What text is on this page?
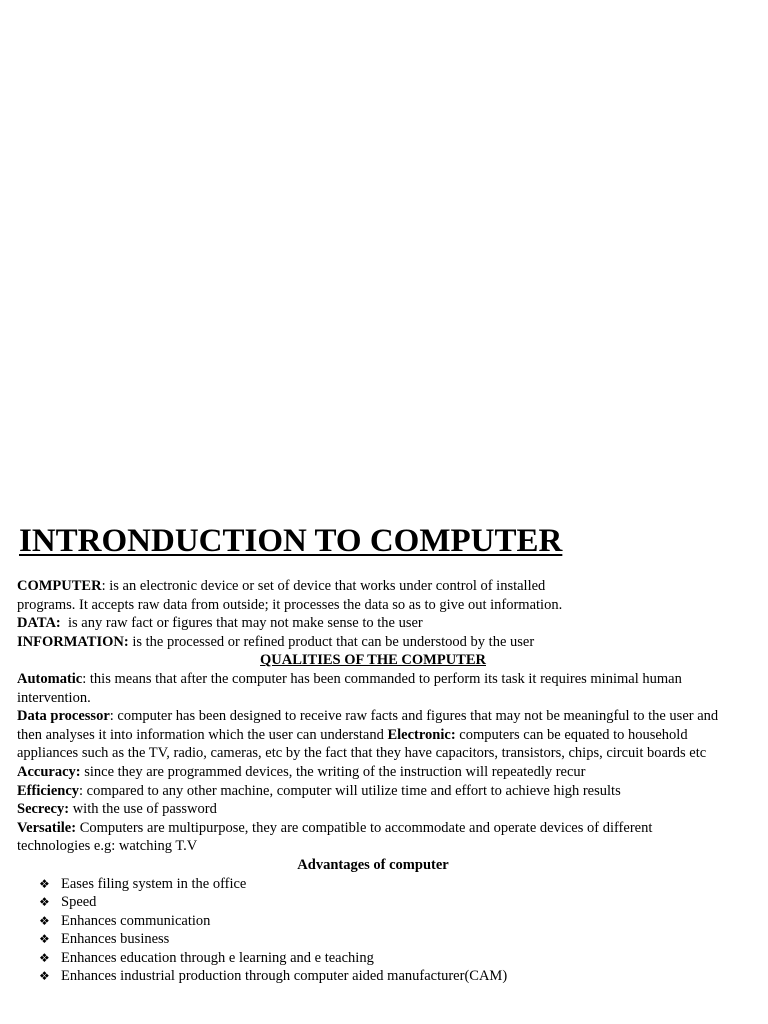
INTRONDUCTION TO COMPUTER

COMPUTER: is an electronic device or set of device that works under control of installed programs. It accepts raw data from outside; it processes the data so as to give out information.

DATA:  is any raw fact or figures that may not make sense to the user

INFORMATION: is the processed or refined product that can be understood by the user

QUALITIES OF THE COMPUTER

Automatic: this means that after the computer has been commanded to perform its task it requires minimal human intervention.

Data processor: computer has been designed to receive raw facts and figures that may not be meaningful to the user and then analyses it into information which the user can understand Electronic: computers can be equated to household appliances such as the TV, radio, cameras, etc by the fact that they have capacitors, transistors, chips, circuit boards etc

Accuracy: since they are programmed devices, the writing of the instruction will repeatedly recur

Efficiency: compared to any other machine, computer will utilize time and effort to achieve high results

Secrecy: with the use of password

Versatile: Computers are multipurpose, they are compatible to accommodate and operate devices of different technologies e.g: watching T.V

Advantages of computer

❖ Eases filing system in the office
❖ Speed
❖ Enhances communication
❖ Enhances business
❖ Enhances education through e learning and e teaching
❖ Enhances industrial production through computer aided manufacturer(CAM)
